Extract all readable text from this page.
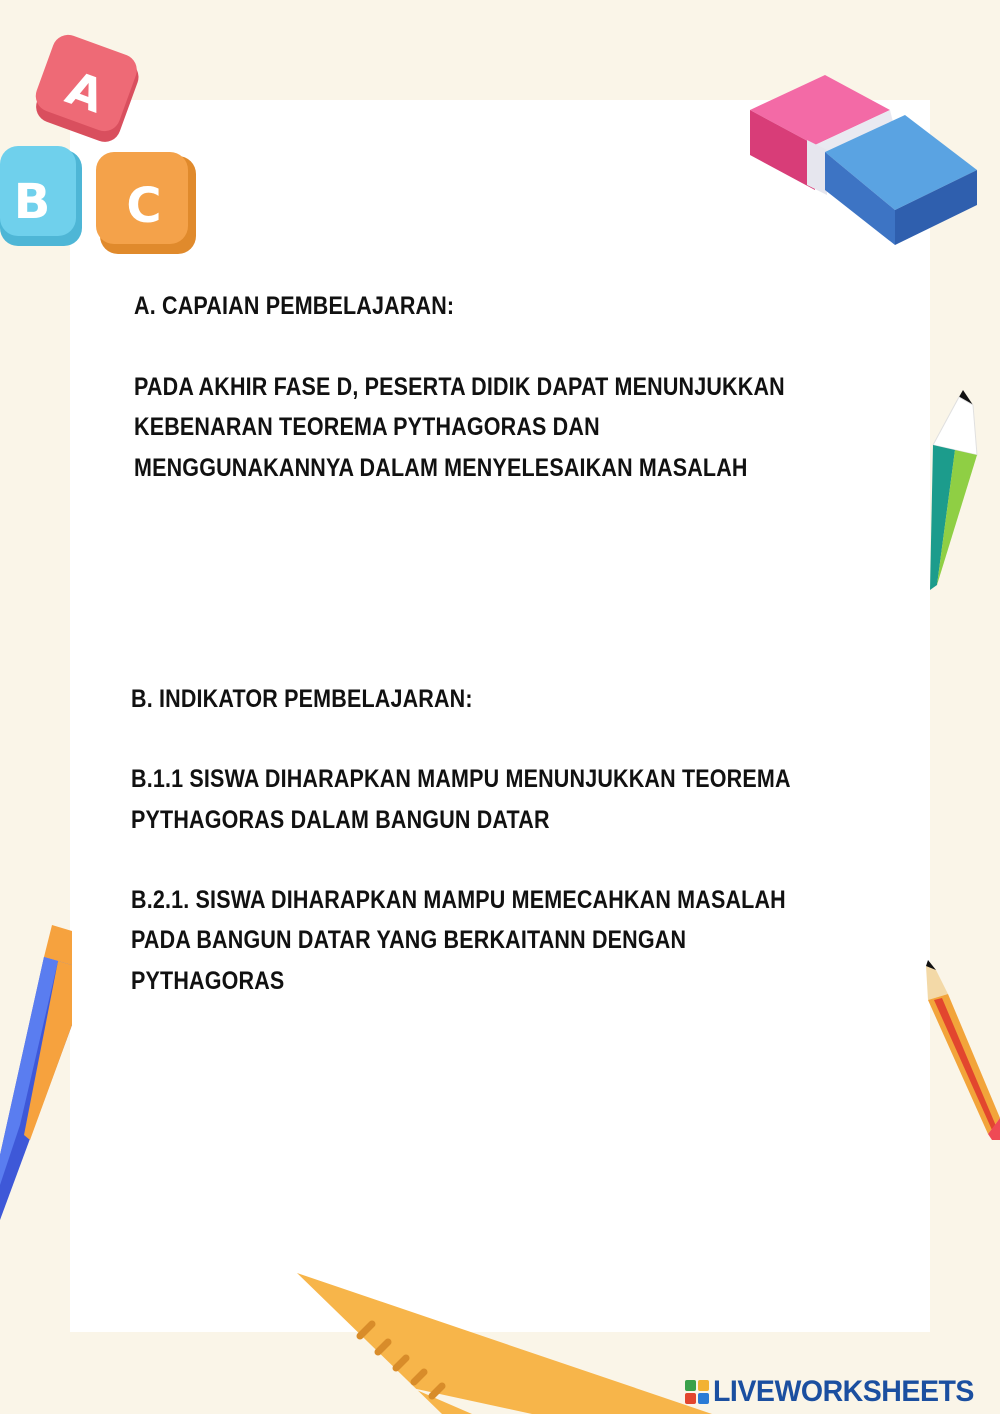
A
B C

A. CAPAIAN PEMBELAJARAN:

PADA AKHIR FASE D, PESERTA DIDIK DAPAT MENUNJUKKAN

KEBENARAN TEOREMA PYTHAGORAS DAN

MENGGUNAKANNYA DALAM MENYELESAIKAN MASALAH

B. INDIKATOR PEMBELAJARAN:

B.1.1 SISWA DIHARAPKAN MAMPU MENUNJUKKAN TEOREMA

PYTHAGORAS DALAM BANGUN DATAR

B.2.1. SISWA DIHARAPKAN MAMPU MEMECAHKAN MASALAH

PADA BANGUN DATAR YANG BERKAITANN DENGAN

PYTHAGORAS

LIVEWORKSHEETS
